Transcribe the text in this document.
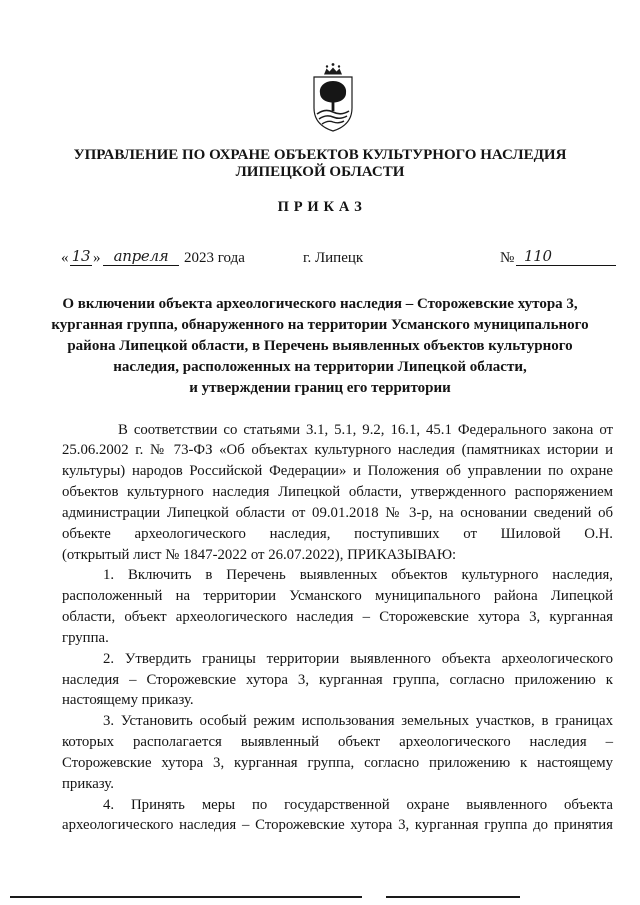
УПРАВЛЕНИЕ ПО ОХРАНЕ ОБЪЕКТОВ КУЛЬТУРНОГО НАСЛЕДИЯ
ЛИПЕЦКОЙ ОБЛАСТИ
П Р И К А З
« 13 » апреля	2023 года	г. Липецк	№ 110
О включении объекта археологического наследия – Сторожевские хутора 3,
курганная группа, обнаруженного на территории Усманского муниципального
района Липецкой области, в Перечень выявленных объектов культурного
наследия, расположенных на территории Липецкой области,
и утверждении границ его территории
В соответствии со статьями 3.1, 5.1, 9.2, 16.1, 45.1 Федерального закона от
25.06.2002 г. № 73-ФЗ «Об объектах культурного наследия (памятниках истории и
культуры) народов Российской Федерации» и Положения об управлении по охране
объектов культурного наследия Липецкой области, утвержденного распоряжением
администрации Липецкой области от 09.01.2018 № 3-р, на основании сведений об
объекте археологического наследия, поступивших от Шиловой О.Н.
(открытый лист № 1847-2022 от 26.07.2022), ПРИКАЗЫВАЮ:
1. Включить в Перечень выявленных объектов культурного наследия,
расположенный на территории Усманского муниципального района Липецкой
области, объект археологического наследия – Сторожевские хутора 3, курганная
группа.
2. Утвердить границы территории выявленного объекта археологического
наследия – Сторожевские хутора 3, курганная группа, согласно приложению к
настоящему приказу.
3. Установить особый режим использования земельных участков, в границах
которых располагается выявленный объект археологического наследия –
Сторожевские хутора 3, курганная группа, согласно приложению к настоящему
приказу.
4. Принять меры по государственной охране выявленного объекта
археологического наследия – Сторожевские хутора 3, курганная группа до принятия
